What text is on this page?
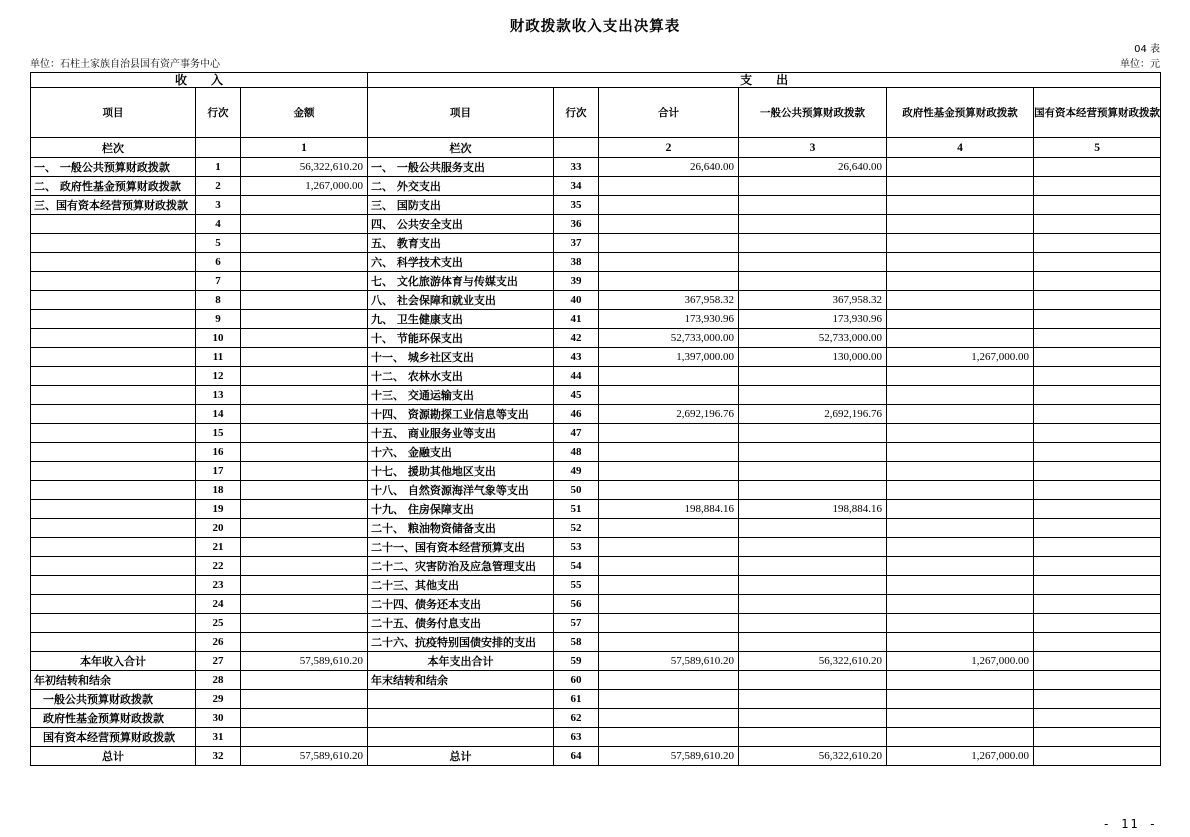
财政拨款收入支出决算表
04 表
单位：石柱土家族自治县国有资产事务中心	单位：元
收　　入			支　　出					
项目	行次	金额	项目	行次	合计	一般公共预算财政拨款	政府性基金预算财政拨款	国有资本经营预算财政拨款
栏次		1	栏次		2	3	4	5
一、 一般公共预算财政拨款	1	56,322,610.20	一、 一般公共服务支出	33	26,640.00	26,640.00		
二、 政府性基金预算财政拨款	2	1,267,000.00	二、 外交支出	34				
三、国有资本经营预算财政拨款	3		三、 国防支出	35				
	4		四、 公共安全支出	36				
	5		五、 教育支出	37				
	6		六、 科学技术支出	38				
	7		七、 文化旅游体育与传媒支出	39				
	8		八、 社会保障和就业支出	40	367,958.32	367,958.32		
	9		九、 卫生健康支出	41	173,930.96	173,930.96		
	10		十、 节能环保支出	42	52,733,000.00	52,733,000.00		
	11		十一、 城乡社区支出	43	1,397,000.00	130,000.00	1,267,000.00	
	12		十二、 农林水支出	44				
	13		十三、 交通运输支出	45				
	14		十四、 资源勘探工业信息等支出	46	2,692,196.76	2,692,196.76		
	15		十五、 商业服务业等支出	47				
	16		十六、 金融支出	48				
	17		十七、 援助其他地区支出	49				
	18		十八、 自然资源海洋气象等支出	50				
	19		十九、 住房保障支出	51	198,884.16	198,884.16		
	20		二十、 粮油物资储备支出	52				
	21		二十一、国有资本经营预算支出	53				
	22		二十二、灾害防治及应急管理支出	54				
	23		二十三、其他支出	55				
	24		二十四、债务还本支出	56				
	25		二十五、债务付息支出	57				
	26		二十六、抗疫特别国债安排的支出	58				
本年收入合计	27	57,589,610.20	本年支出合计	59	57,589,610.20	56,322,610.20	1,267,000.00	
年初结转和结余	28		年末结转和结余	60				
一般公共预算财政拨款	29			61				
政府性基金预算财政拨款	30			62				
国有资本经营预算财政拨款	31			63				
总计	32	57,589,610.20	总计	64	57,589,610.20	56,322,610.20	1,267,000.00	
- 11 -
